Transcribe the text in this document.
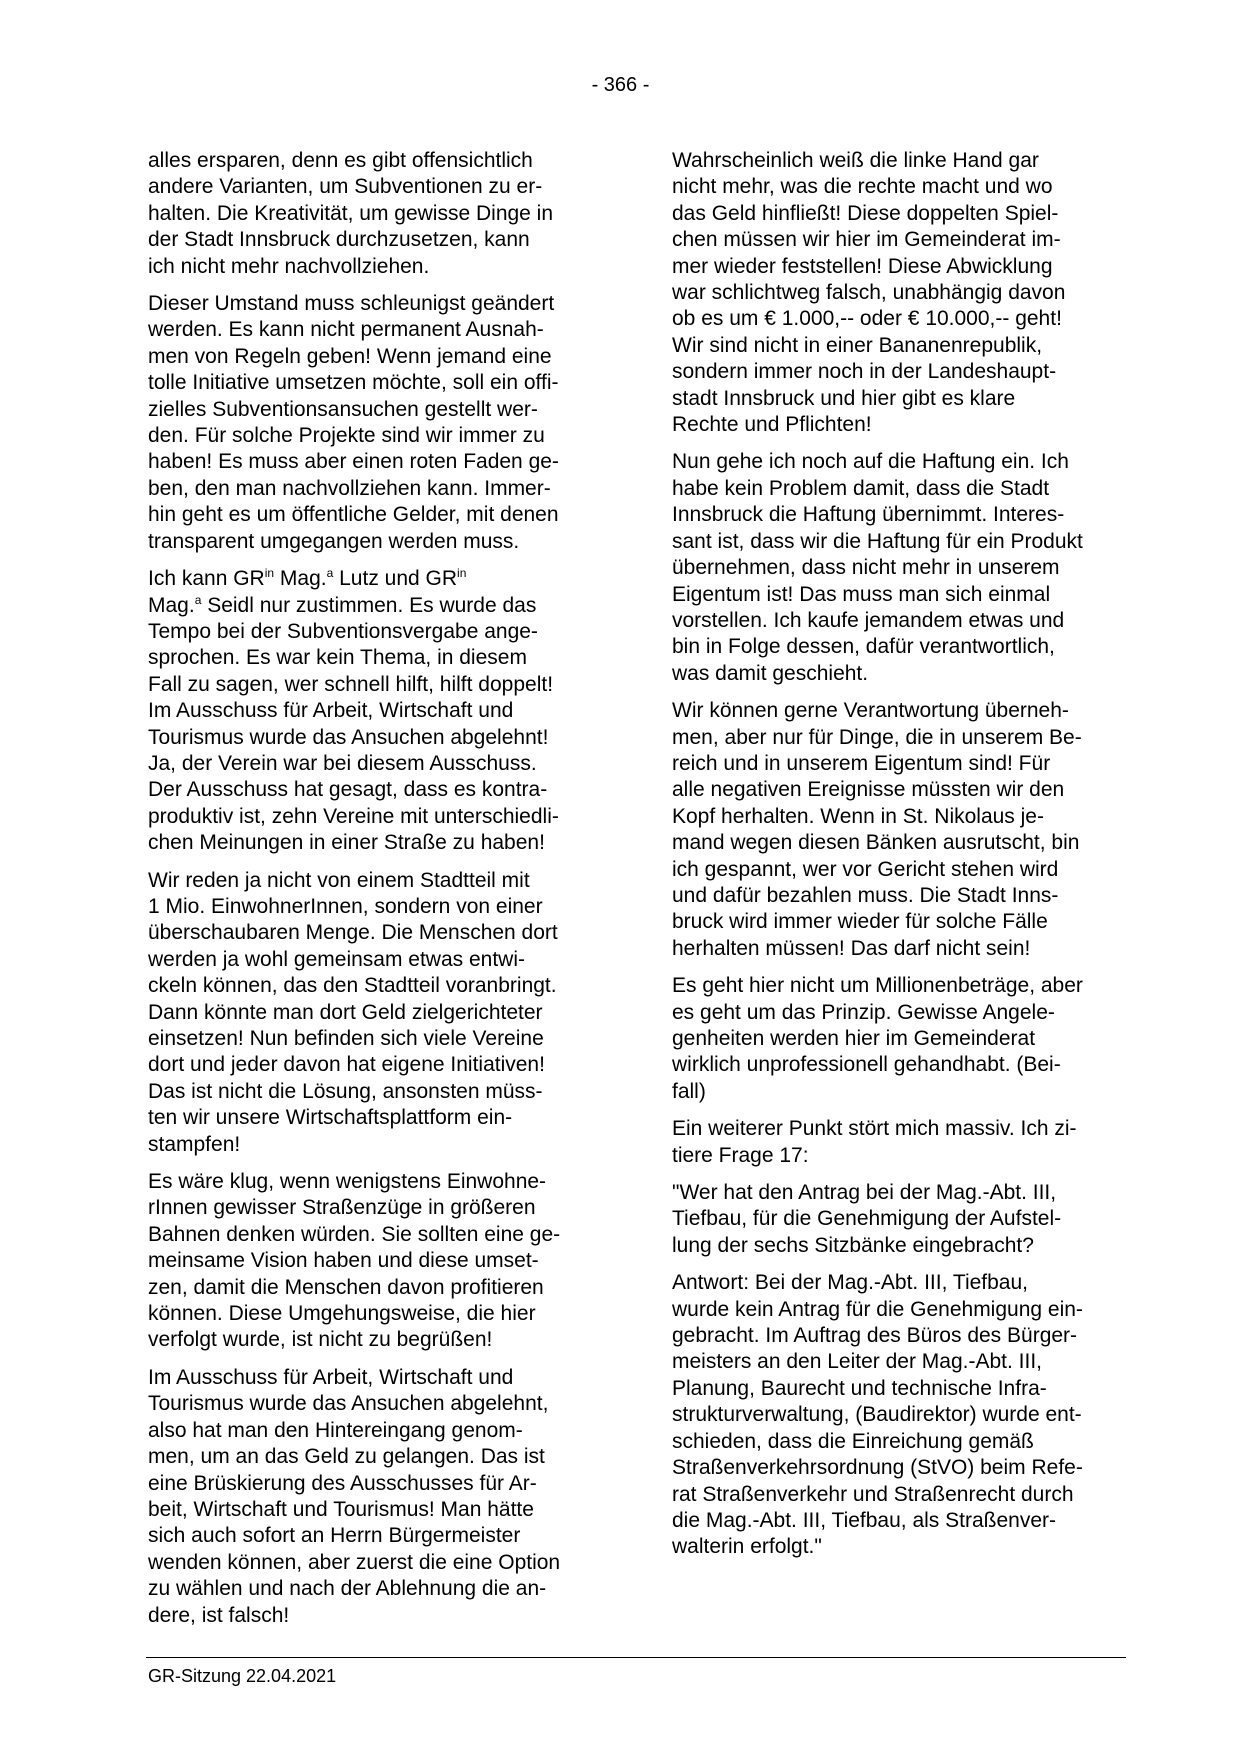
- 366 -

alles ersparen, denn es gibt offensichtlich
andere Varianten, um Subventionen zu er-
halten. Die Kreativität, um gewisse Dinge in
der Stadt Innsbruck durchzusetzen, kann
ich nicht mehr nachvollziehen.

Dieser Umstand muss schleunigst geändert
werden. Es kann nicht permanent Ausnah-
men von Regeln geben! Wenn jemand eine
tolle Initiative umsetzen möchte, soll ein offi-
zielles Subventionsansuchen gestellt wer-
den. Für solche Projekte sind wir immer zu
haben! Es muss aber einen roten Faden ge-
ben, den man nachvollziehen kann. Immer-
hin geht es um öffentliche Gelder, mit denen
transparent umgegangen werden muss.

Ich kann $GR^{in}$ Mag.$^a$ Lutz und $GR^{in}$
Mag.$^a$ Seidl nur zustimmen. Es wurde das
Tempo bei der Subventionsvergabe ange-
sprochen. Es war kein Thema, in diesem
Fall zu sagen, wer schnell hilft, hilft doppelt!
Im Ausschuss für Arbeit, Wirtschaft und
Tourismus wurde das Ansuchen abgelehnt!
Ja, der Verein war bei diesem Ausschuss.
Der Ausschuss hat gesagt, dass es kontra-
produktiv ist, zehn Vereine mit unterschiedli-
chen Meinungen in einer Straße zu haben!

Wir reden ja nicht von einem Stadtteil mit
1 Mio. EinwohnerInnen, sondern von einer
überschaubaren Menge. Die Menschen dort
werden ja wohl gemeinsam etwas entwi-
ckeln können, das den Stadtteil voranbringt.
Dann könnte man dort Geld zielgerichteter
einsetzen! Nun befinden sich viele Vereine
dort und jeder davon hat eigene Initiativen!
Das ist nicht die Lösung, ansonsten müss-
ten wir unsere Wirtschaftsplattform ein-
stampfen!

Es wäre klug, wenn wenigstens Einwohne-
rInnen gewisser Straßenzüge in größeren
Bahnen denken würden. Sie sollten eine ge-
meinsame Vision haben und diese umset-
zen, damit die Menschen davon profitieren
können. Diese Umgehungsweise, die hier
verfolgt wurde, ist nicht zu begrüßen!

Im Ausschuss für Arbeit, Wirtschaft und
Tourismus wurde das Ansuchen abgelehnt,
also hat man den Hintereingang genom-
men, um an das Geld zu gelangen. Das ist
eine Brüskierung des Ausschusses für Ar-
beit, Wirtschaft und Tourismus! Man hätte
sich auch sofort an Herrn Bürgermeister
wenden können, aber zuerst die eine Option
zu wählen und nach der Ablehnung die an-
dere, ist falsch!

Wahrscheinlich weiß die linke Hand gar
nicht mehr, was die rechte macht und wo
das Geld hinfließt! Diese doppelten Spiel-
chen müssen wir hier im Gemeinderat im-
mer wieder feststellen! Diese Abwicklung
war schlichtweg falsch, unabhängig davon
ob es um € 1.000,-- oder € 10.000,-- geht!
Wir sind nicht in einer Bananenrepublik,
sondern immer noch in der Landeshaupt-
stadt Innsbruck und hier gibt es klare
Rechte und Pflichten!

Nun gehe ich noch auf die Haftung ein. Ich
habe kein Problem damit, dass die Stadt
Innsbruck die Haftung übernimmt. Interes-
sant ist, dass wir die Haftung für ein Produkt
übernehmen, dass nicht mehr in unserem
Eigentum ist! Das muss man sich einmal
vorstellen. Ich kaufe jemandem etwas und
bin in Folge dessen, dafür verantwortlich,
was damit geschieht.

Wir können gerne Verantwortung überneh-
men, aber nur für Dinge, die in unserem Be-
reich und in unserem Eigentum sind! Für
alle negativen Ereignisse müssten wir den
Kopf herhalten. Wenn in St. Nikolaus je-
mand wegen diesen Bänken ausrutscht, bin
ich gespannt, wer vor Gericht stehen wird
und dafür bezahlen muss. Die Stadt Inns-
bruck wird immer wieder für solche Fälle
herhalten müssen! Das darf nicht sein!

Es geht hier nicht um Millionenbeträge, aber
es geht um das Prinzip. Gewisse Angele-
genheiten werden hier im Gemeinderat
wirklich unprofessionell gehandhabt. (Bei-
fall)

Ein weiterer Punkt stört mich massiv. Ich zi-
tiere Frage 17:

"Wer hat den Antrag bei der Mag.-Abt. III,
Tiefbau, für die Genehmigung der Aufstel-
lung der sechs Sitzbänke eingebracht?

Antwort: Bei der Mag.-Abt. III, Tiefbau,
wurde kein Antrag für die Genehmigung ein-
gebracht. Im Auftrag des Büros des Bürger-
meisters an den Leiter der Mag.-Abt. III,
Planung, Baurecht und technische Infra-
strukturverwaltung, (Baudirektor) wurde ent-
schieden, dass die Einreichung gemäß
Straßenverkehrsordnung (StVO) beim Refe-
rat Straßenverkehr und Straßenrecht durch
die Mag.-Abt. III, Tiefbau, als Straßenver-
walterin erfolgt."

GR-Sitzung 22.04.2021
